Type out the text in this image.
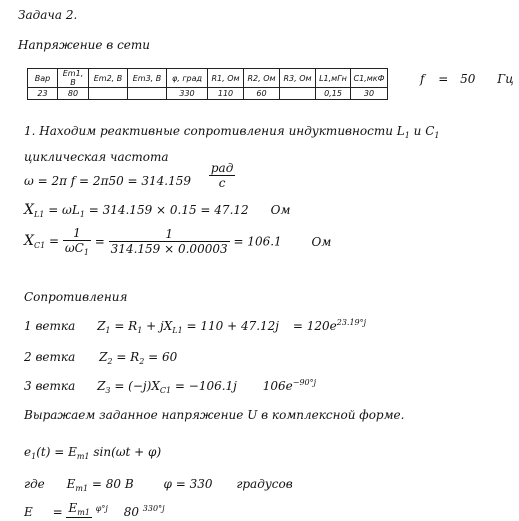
Задача 2.
Напряжение в сети
Вар	Em1, В	Em2, В	Em3, В	φ, град	R1, Ом	R2, Ом	R3, Ом	L1,мГн	C1,мкФ
23	80			330	110	60		0,15	30
f = 50 Гц
1. Находим реактивные сопротивления индуктивности $L_1$ и $C_1$
циклическая частота
ω = 2π $f = 2\pi 50 = 314.159 \frac{\text{рад}}{с}$
$X_{L1} = \omega L_1 = 314.159 \times 0.15 = 47.12$ Ом
$X_{C1} = \frac{1}{\omega C_1} = \frac{1}{314.159 \times 0.00003} = 106.1$ Ом
Сопротивления
1 ветка $Z_1 = R_1 + jX_{L1} = 110 + 47.12j = 120e^{23.19^\circ j}$
2 ветка $Z_2 = R_2 = 60$
3 ветка $Z_3 = (-j)X_{C1} = -106.1j$ $106e^{-90^\circ j}$
Выражаем заданное напряжение U в комплексной форме.
$e_1(t) = E_{m1}$ sin(ωt + φ)
где $E_{m1} = 80$ В φ = 330 градусов
$E = E_{m1}$ $^{\varphi^\circ j}$ 80 $^{330^\circ j}$
